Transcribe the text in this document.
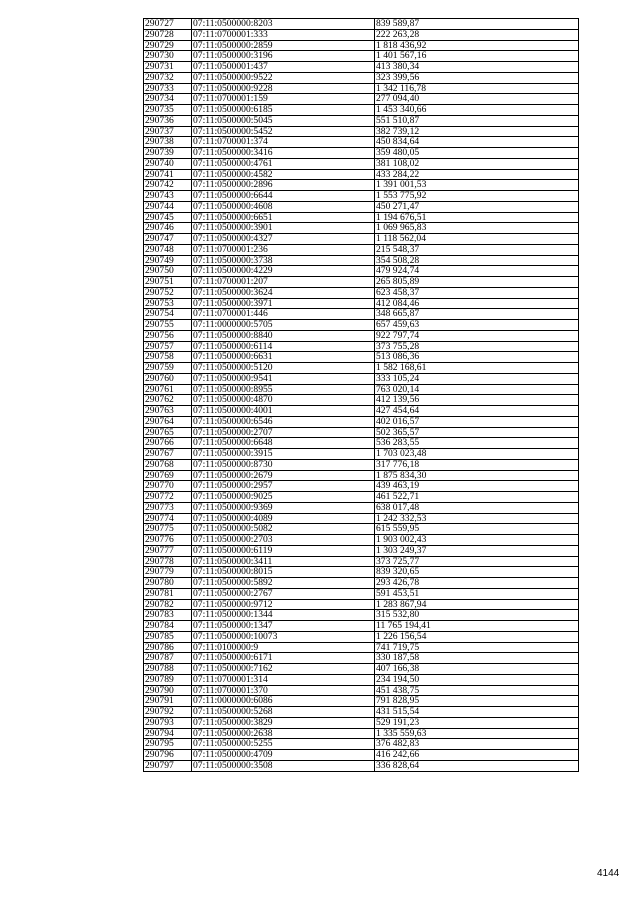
290727	07:11:0500000:8203	839 589,87
290728	07:11:0700001:333	222 263,28
290729	07:11:0500000:2859	1 818 436,92
290730	07:11:0500000:3196	1 401 567,16
290731	07:11:0500001:437	413 380,34
290732	07:11:0500000:9522	323 399,56
290733	07:11:0500000:9228	1 342 116,78
290734	07:11:0700001:159	277 094,40
290735	07:11:0500000:6185	1 453 340,66
290736	07:11:0500000:5045	551 510,87
290737	07:11:0500000:5452	382 739,12
290738	07:11:0700001:374	450 834,64
290739	07:11:0500000:3416	359 480,05
290740	07:11:0500000:4761	381 108,02
290741	07:11:0500000:4582	433 284,22
290742	07:11:0500000:2896	1 391 001,53
290743	07:11:0500000:6644	1 553 775,92
290744	07:11:0500000:4608	450 271,47
290745	07:11:0500000:6651	1 194 676,51
290746	07:11:0500000:3901	1 069 965,83
290747	07:11:0500000:4327	1 118 562,04
290748	07:11:0700001:236	215 548,37
290749	07:11:0500000:3738	354 508,28
290750	07:11:0500000:4229	479 924,74
290751	07:11:0700001:207	265 805,89
290752	07:11:0500000:3624	623 458,37
290753	07:11:0500000:3971	412 084,46
290754	07:11:0700001:446	348 665,87
290755	07:11:0000000:5705	657 459,63
290756	07:11:0500000:8840	922 797,74
290757	07:11:0500000:6114	373 755,28
290758	07:11:0500000:6631	513 086,36
290759	07:11:0500000:5120	1 582 168,61
290760	07:11:0500000:9541	333 105,24
290761	07:11:0500000:8955	763 020,14
290762	07:11:0500000:4870	412 139,56
290763	07:11:0500000:4001	427 454,64
290764	07:11:0500000:6546	402 016,57
290765	07:11:0500000:2707	502 365,57
290766	07:11:0500000:6648	536 283,55
290767	07:11:0500000:3915	1 703 023,48
290768	07:11:0500000:8730	317 776,18
290769	07:11:0500000:2679	1 875 834,30
290770	07:11:0500000:2957	439 463,19
290772	07:11:0500000:9025	461 522,71
290773	07:11:0500000:9369	638 017,48
290774	07:11:0500000:4089	1 242 332,53
290775	07:11:0500000:5082	615 559,95
290776	07:11:0500000:2703	1 903 002,43
290777	07:11:0500000:6119	1 303 249,37
290778	07:11:0500000:3411	373 725,77
290779	07:11:0500000:8015	839 320,65
290780	07:11:0500000:5892	293 426,78
290781	07:11:0500000:2767	591 453,51
290782	07:11:0500000:9712	1 283 867,94
290783	07:11:0500000:1344	315 532,80
290784	07:11:0500000:1347	11 765 194,41
290785	07:11:0500000:10073	1 226 156,54
290786	07:11:0100000:9	741 719,75
290787	07:11:0500000:6171	330 187,58
290788	07:11:0500000:7162	407 166,38
290789	07:11:0700001:314	234 194,50
290790	07:11:0700001:370	451 438,75
290791	07:11:0000000:6086	791 828,95
290792	07:11:0500000:5268	431 515,54
290793	07:11:0500000:3829	529 191,23
290794	07:11:0500000:2638	1 335 559,63
290795	07:11:0500000:5255	376 482,83
290796	07:11:0500000:4709	416 242,66
290797	07:11:0500000:3508	336 828,64
4144
